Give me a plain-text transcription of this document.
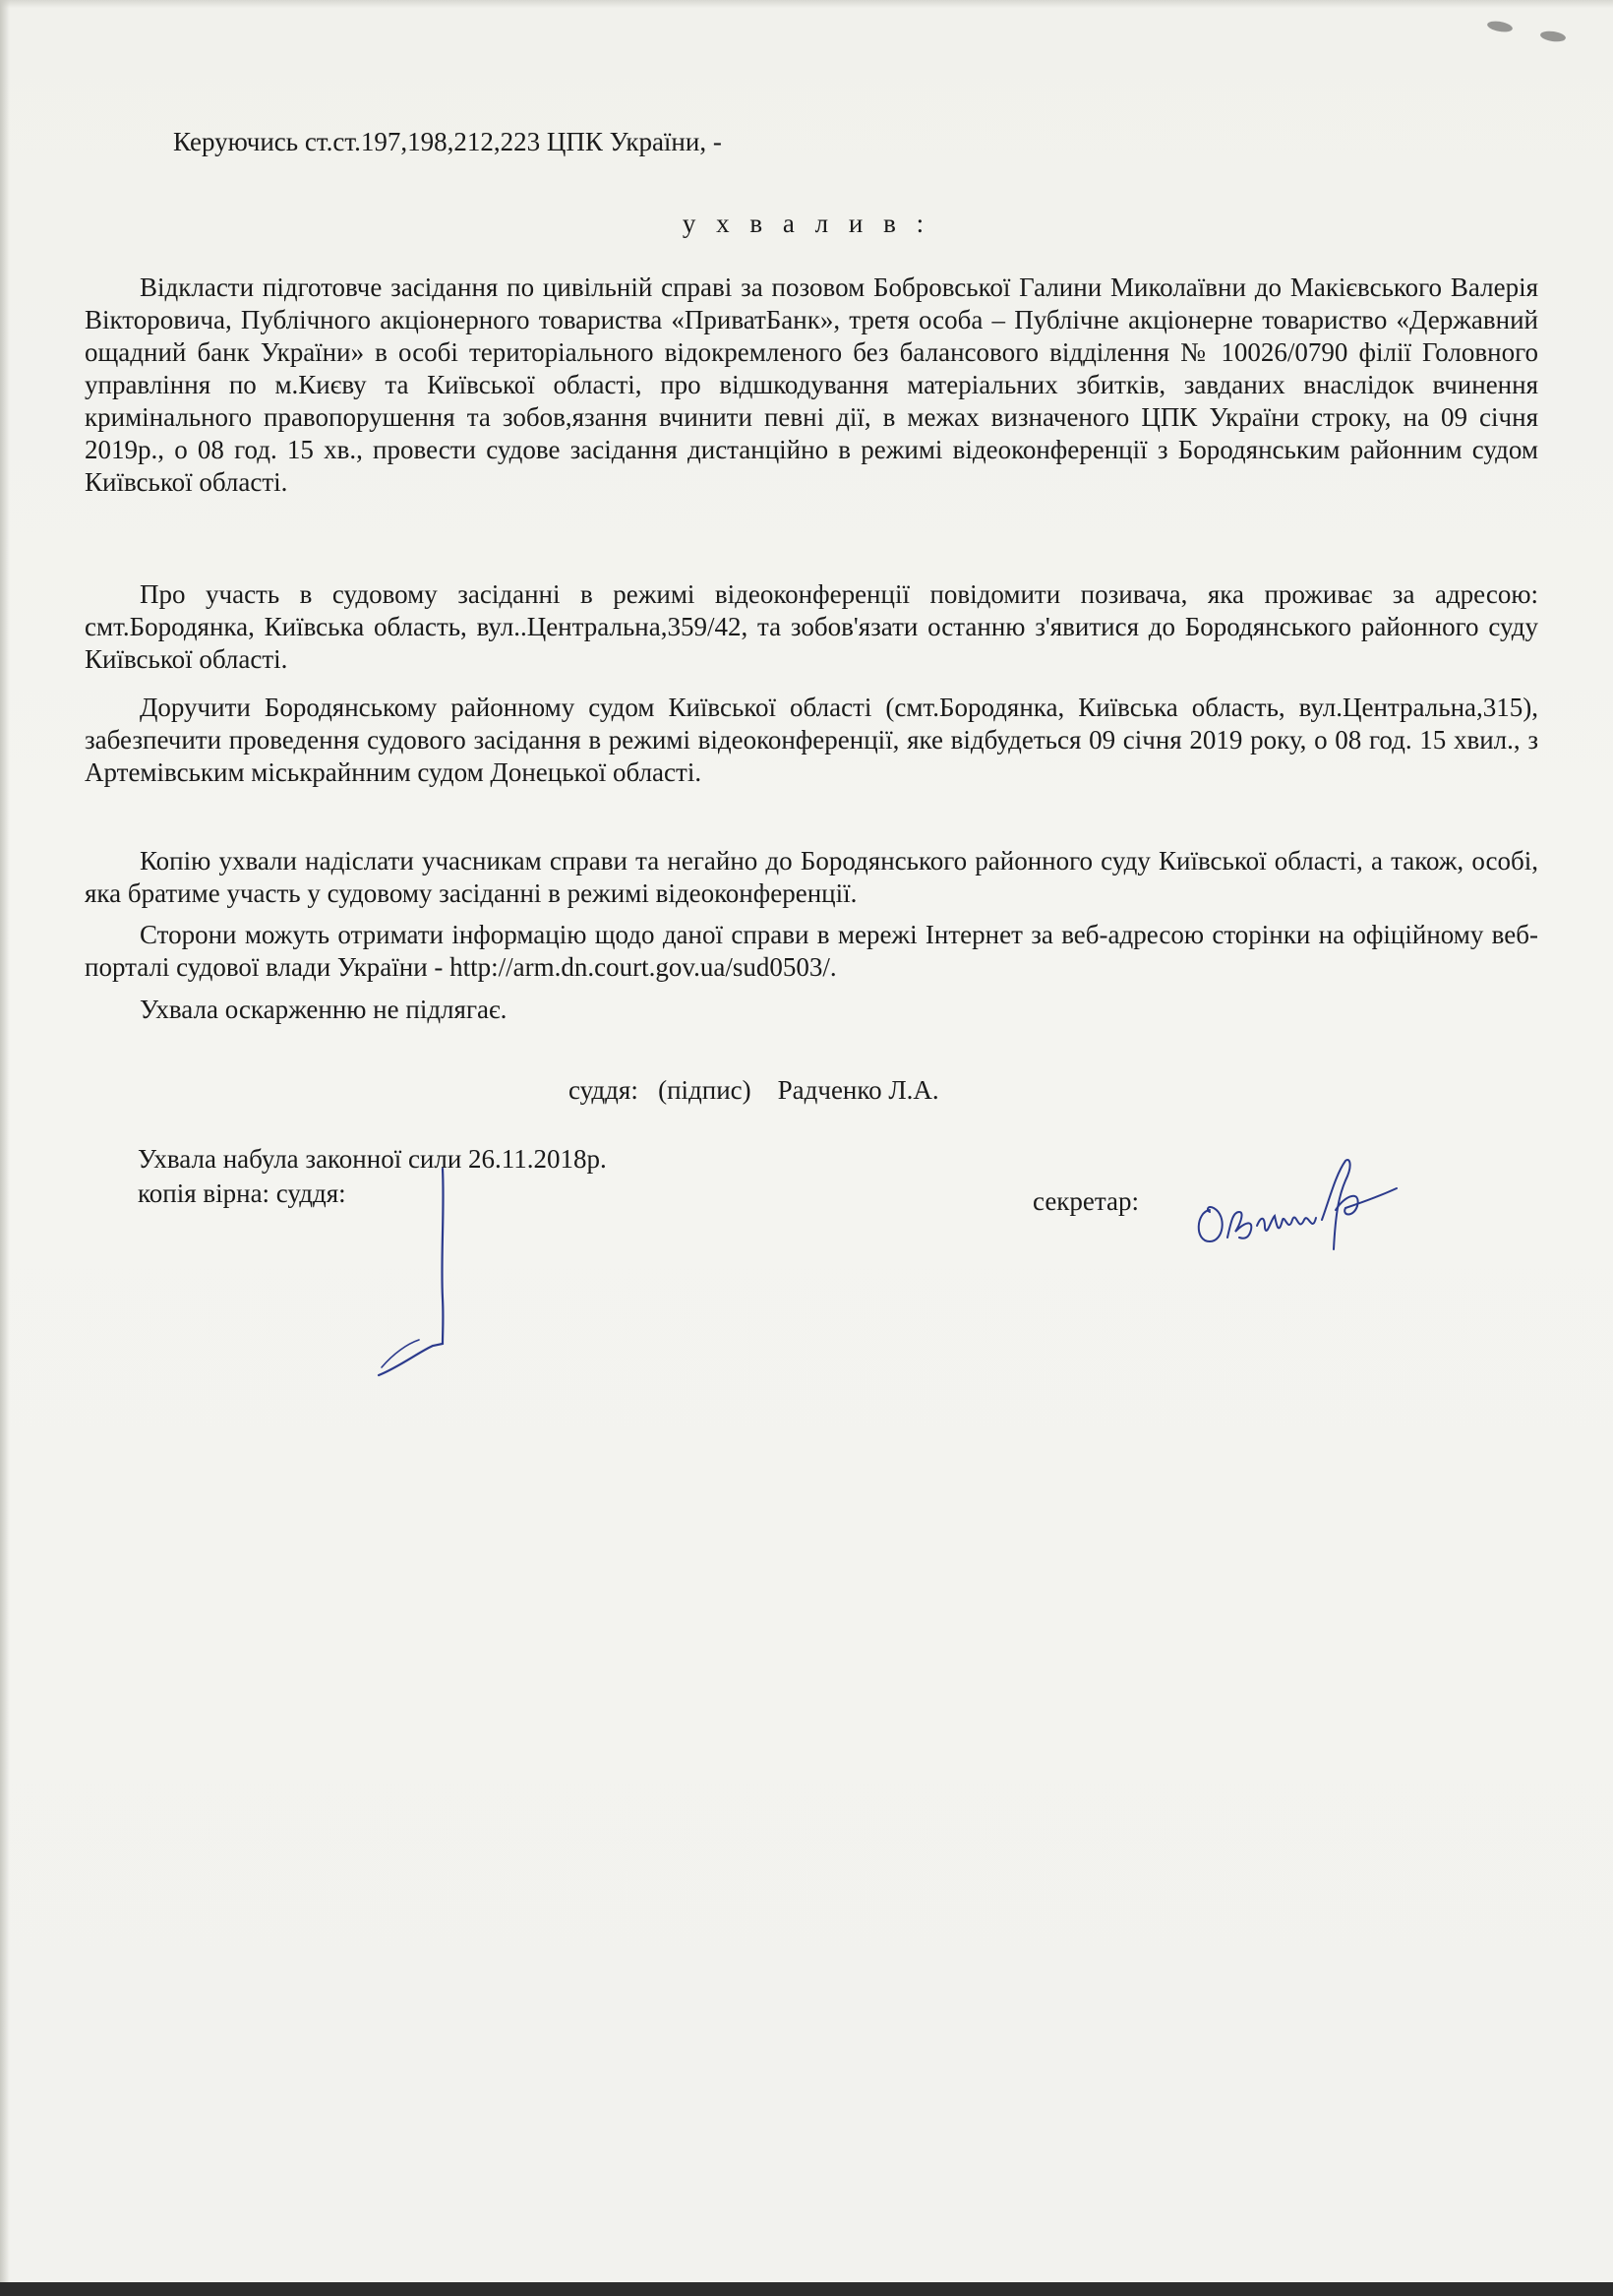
Керуючись ст.ст.197,198,212,223 ЦПК України, -

у х в а л и в :

Відкласти підготовче засідання по цивільній справі за позовом Бобровської Галини Миколаївни до Макієвського Валерія Вікторовича, Публічного акціонерного товариства «ПриватБанк», третя особа – Публічне акціонерне товариство «Державний ощадний банк України» в особі територіального відокремленого без балансового відділення № 10026/0790 філії Головного управління по м.Києву та Київської області, про відшкодування матеріальних збитків, завданих внаслідок вчинення кримінального правопорушення та зобов,язання вчинити певні дії, в межах визначеного ЦПК України строку, на 09 січня 2019р., о 08 год. 15 хв., провести судове засідання дистанційно в режимі відеоконференції з Бородянським районним судом Київської області.

Про участь в судовому засіданні в режимі відеоконференції повідомити позивача, яка проживає за адресою: смт.Бородянка, Київська область, вул..Центральна,359/42, та зобов'язати останню з'явитися до Бородянського районного суду Київської області.

Доручити Бородянському районному судом Київської області (смт.Бородянка, Київська область, вул.Центральна,315), забезпечити проведення судового засідання в режимі відеоконференції, яке відбудеться 09 січня 2019 року, о 08 год. 15 хвил., з Артемівським міськрайнним судом Донецької області.

Копію ухвали надіслати учасникам справи та негайно до Бородянського районного суду Київської області, а також, особі, яка братиме участь у судовому засіданні в режимі відеоконференції.

Сторони можуть отримати інформацію щодо даної справи в мережі Інтернет за веб-адресою сторінки на офіційному веб-порталі судової влади України - http://arm.dn.court.gov.ua/sud0503/.

Ухвала оскарженню не підлягає.

суддя:   (підпис)    Радченко Л.А.

Ухвала набула законної сили 26.11.2018р.

копія вірна: суддя:	секретар:
